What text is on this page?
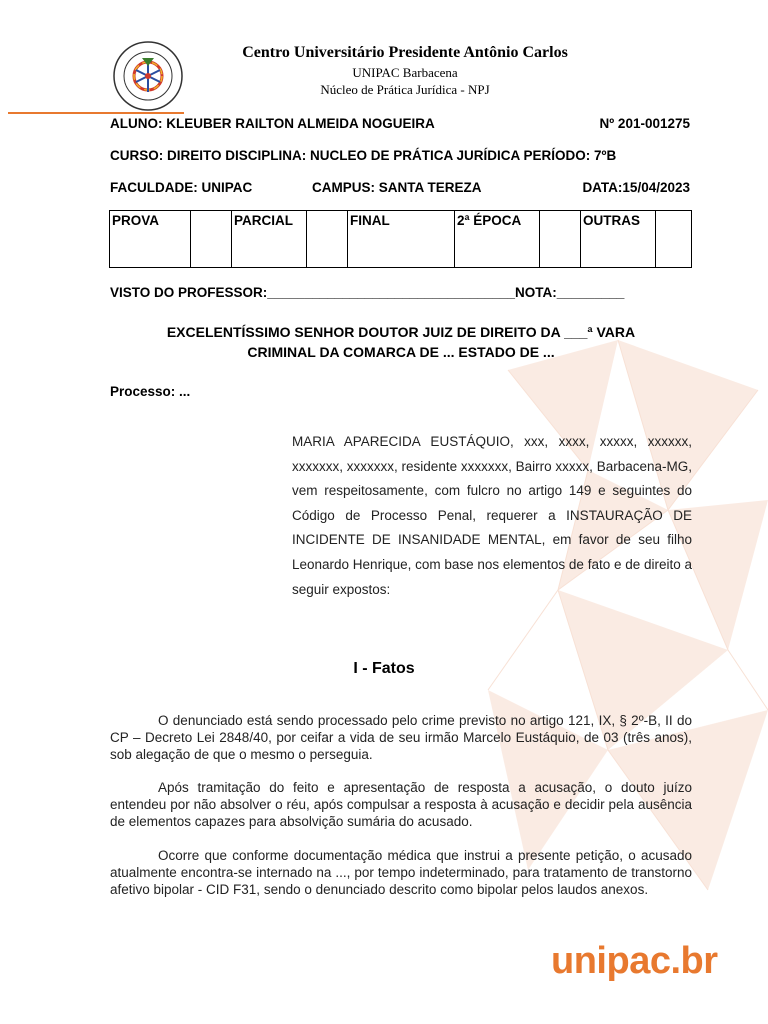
Centro Universitário Presidente Antônio Carlos
UNIPAC Barbacena
Núcleo de Prática Jurídica - NPJ
ALUNO: KLEUBER RAILTON ALMEIDA NOGUEIRA	Nº 201-001275
CURSO: DIREITO DISCIPLINA: NUCLEO DE PRÁTICA JURÍDICA PERÍODO: 7ºB
FACULDADE: UNIPAC	CAMPUS: SANTA TEREZA	DATA:15/04/2023
PROVA		PARCIAL		FINAL	2ª ÉPOCA		OUTRAS	
VISTO DO PROFESSOR:_________________________________NOTA:_________
EXCELENTÍSSIMO SENHOR DOUTOR JUIZ DE DIREITO DA ___ª VARA
CRIMINAL DA COMARCA DE ... ESTADO DE ...
Processo: ...
MARIA APARECIDA EUSTÁQUIO, xxx, xxxx, xxxxx, xxxxxx, xxxxxxx, xxxxxxx, residente xxxxxxx, Bairro xxxxx, Barbacena-MG, vem respeitosamente, com fulcro no artigo 149 e seguintes do Código de Processo Penal, requerer a INSTAURAÇÃO DE INCIDENTE DE INSANIDADE MENTAL, em favor de seu filho Leonardo Henrique, com base nos elementos de fato e de direito a seguir expostos:
I - Fatos
O denunciado está sendo processado pelo crime previsto no artigo 121, IX, § 2º-B, II do CP – Decreto Lei 2848/40, por ceifar a vida de seu irmão Marcelo Eustáquio, de 03 (três anos), sob alegação de que o mesmo o perseguia.
Após tramitação do feito e apresentação de resposta a acusação, o douto juízo entendeu por não absolver o réu, após compulsar a resposta à acusação e decidir pela ausência de elementos capazes para absolvição sumária do acusado.
Ocorre que conforme documentação médica que instrui a presente petição, o acusado atualmente encontra-se internado na ..., por tempo indeterminado, para tratamento de transtorno afetivo bipolar - CID F31, sendo o denunciado descrito como bipolar pelos laudos anexos.
unipac.br
